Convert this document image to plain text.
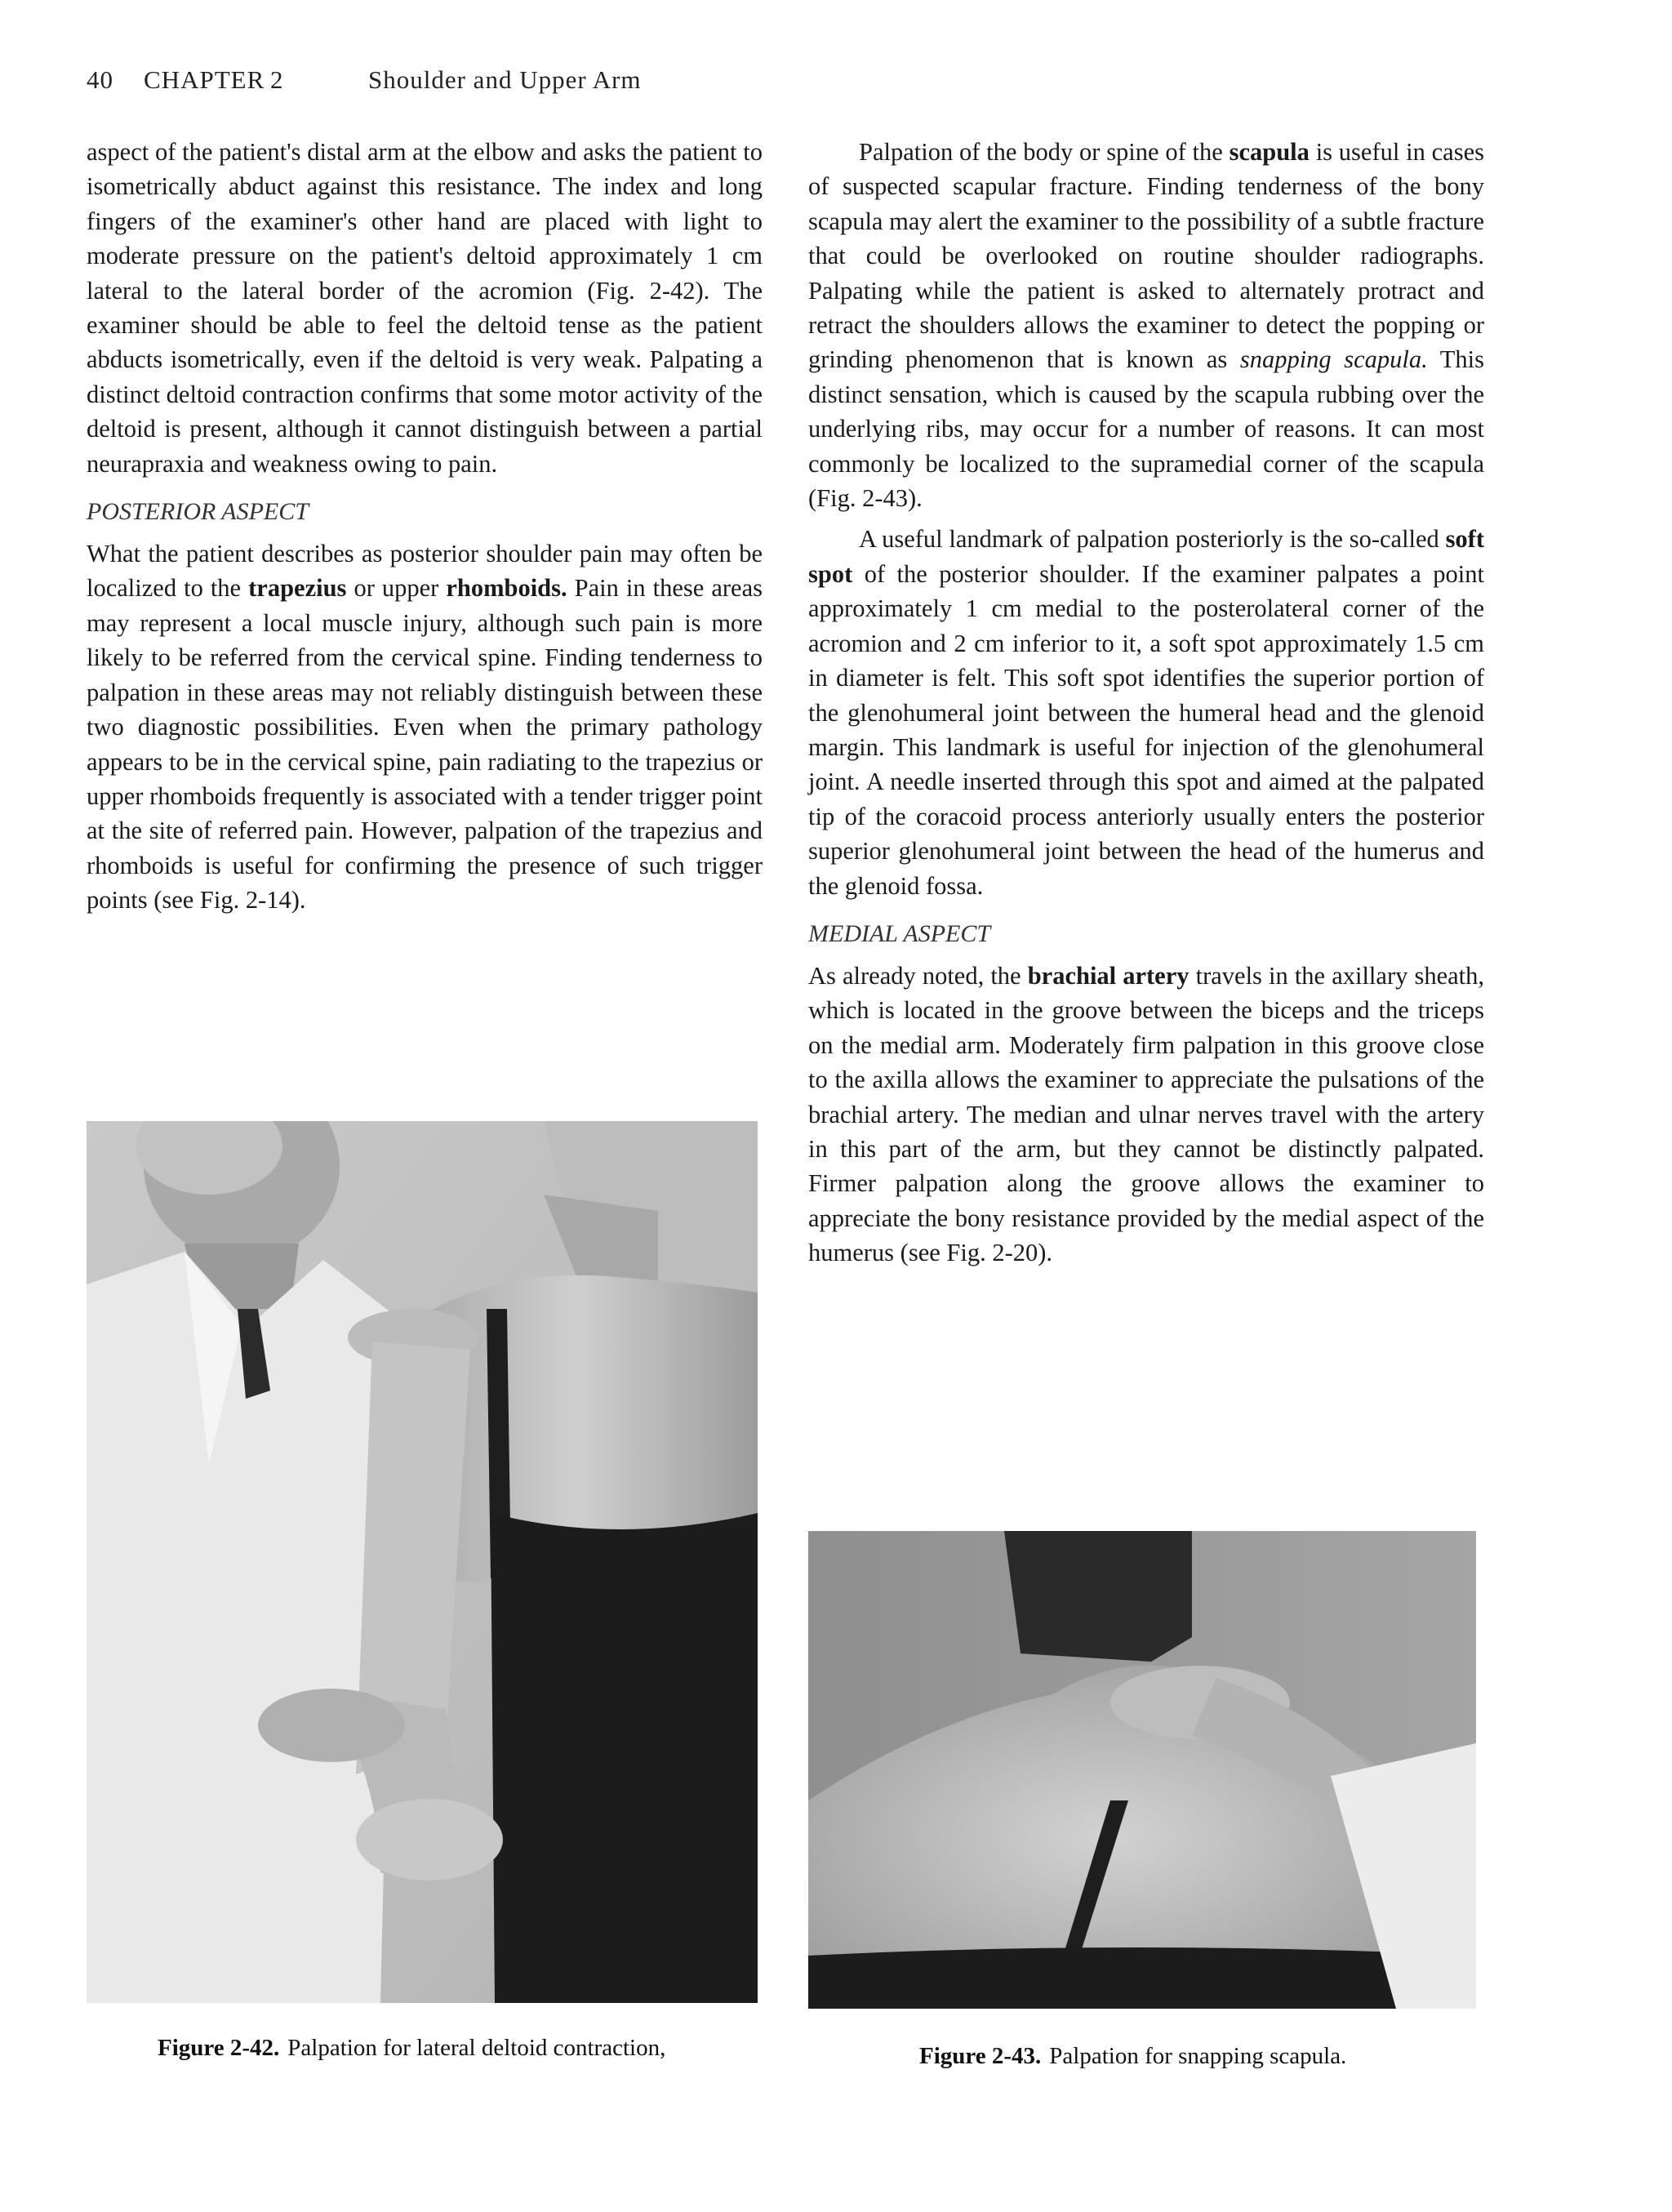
40 CHAPTER 2	Shoulder and Upper Arm

aspect of the patient's distal arm at the elbow and asks the patient to isometrically abduct against this resistance. The index and long fingers of the examiner's other hand are placed with light to moderate pressure on the patient's deltoid approximately 1 cm lateral to the lateral border of the acromion (Fig. 2-42). The examiner should be able to feel the deltoid tense as the patient abducts isometrically, even if the deltoid is very weak. Palpating a distinct deltoid contraction confirms that some motor activity of the deltoid is present, although it cannot distinguish between a partial neurapraxia and weakness owing to pain.

POSTERIOR ASPECT

What the patient describes as posterior shoulder pain may often be localized to the trapezius or upper rhomboids. Pain in these areas may represent a local muscle injury, although such pain is more likely to be referred from the cervical spine. Finding tenderness to palpation in these areas may not reliably distinguish between these two diagnostic possibilities. Even when the primary pathology appears to be in the cervical spine, pain radiating to the trapezius or upper rhomboids frequently is associated with a tender trigger point at the site of referred pain. However, palpation of the trapezius and rhomboids is useful for confirming the presence of such trigger points (see Fig. 2-14).

Palpation of the body or spine of the scapula is useful in cases of suspected scapular fracture. Finding tenderness of the bony scapula may alert the examiner to the possibility of a subtle fracture that could be overlooked on routine shoulder radiographs. Palpating while the patient is asked to alternately protract and retract the shoulders allows the examiner to detect the popping or grinding phenomenon that is known as snapping scapula. This distinct sensation, which is caused by the scapula rubbing over the underlying ribs, may occur for a number of reasons. It can most commonly be localized to the supramedial corner of the scapula (Fig. 2-43).

A useful landmark of palpation posteriorly is the so-called soft spot of the posterior shoulder. If the examiner palpates a point approximately 1 cm medial to the posterolateral corner of the acromion and 2 cm inferior to it, a soft spot approximately 1.5 cm in diameter is felt. This soft spot identifies the superior portion of the glenohumeral joint between the humeral head and the glenoid margin. This landmark is useful for injection of the glenohumeral joint. A needle inserted through this spot and aimed at the palpated tip of the coracoid process anteriorly usually enters the posterior superior glenohumeral joint between the head of the humerus and the glenoid fossa.

MEDIAL ASPECT

As already noted, the brachial artery travels in the axillary sheath, which is located in the groove between the biceps and the triceps on the medial arm. Moderately firm palpation in this groove close to the axilla allows the examiner to appreciate the pulsations of the brachial artery. The median and ulnar nerves travel with the artery in this part of the arm, but they cannot be distinctly palpated. Firmer palpation along the groove allows the examiner to appreciate the bony resistance provided by the medial aspect of the humerus (see Fig. 2-20).

Figure 2-42. Palpation for lateral deltoid contraction,	Figure 2-43. Palpation for snapping scapula.
